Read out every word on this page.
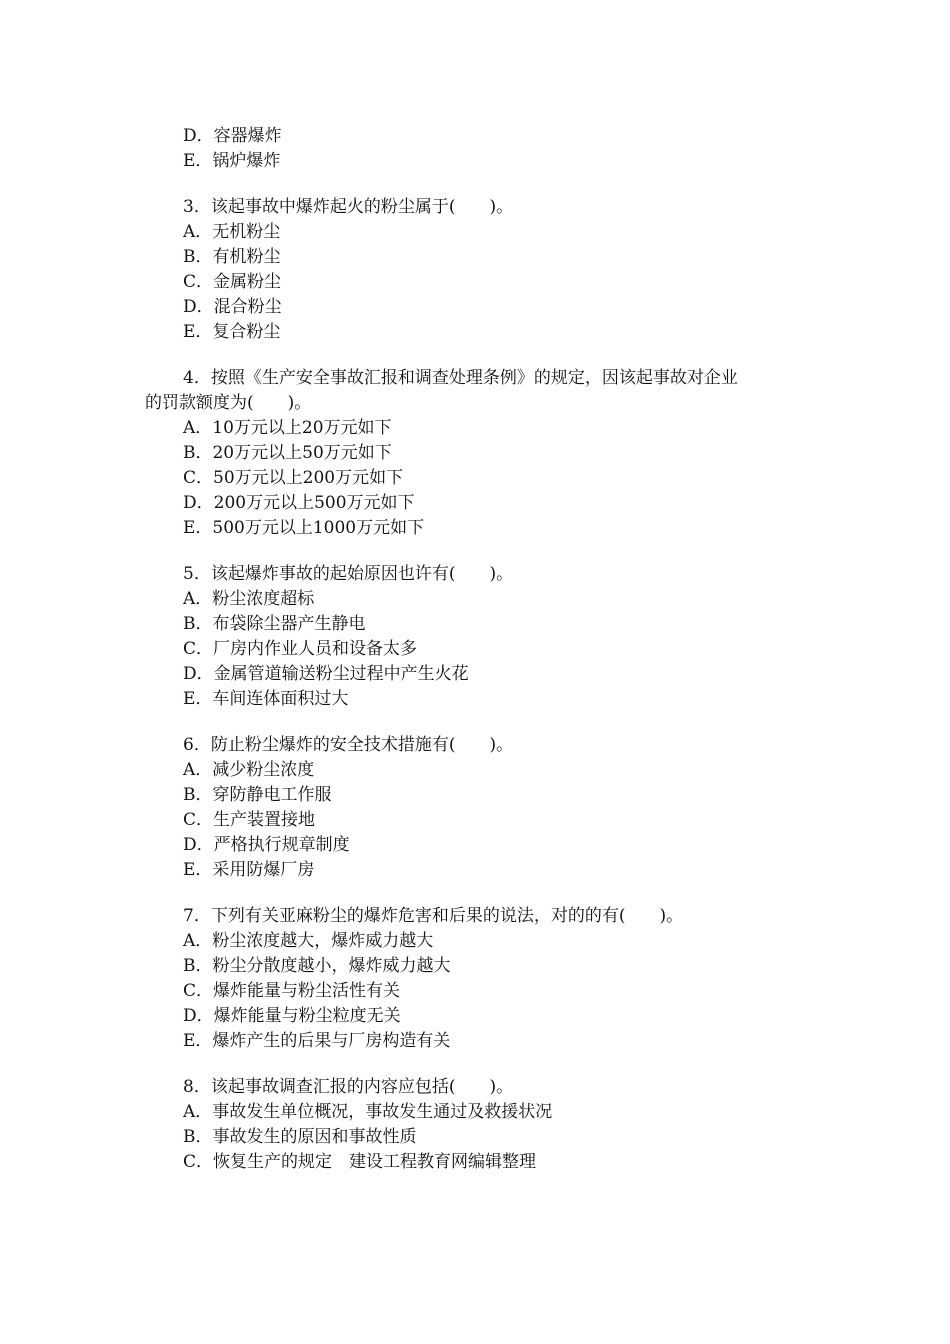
D．容器爆炸
E．锅炉爆炸
3．该起事故中爆炸起火的粉尘属于(　　)。
A．无机粉尘
B．有机粉尘
C．金属粉尘
D．混合粉尘
E．复合粉尘
4．按照《生产安全事故汇报和调查处理条例》的规定，因该起事故对企业
的罚款额度为(　　)。
A．10万元以上20万元如下
B．20万元以上50万元如下
C．50万元以上200万元如下
D．200万元以上500万元如下
E．500万元以上1000万元如下
5．该起爆炸事故的起始原因也许有(　　)。
A．粉尘浓度超标
B．布袋除尘器产生静电
C．厂房内作业人员和设备太多
D．金属管道输送粉尘过程中产生火花
E．车间连体面积过大
6．防止粉尘爆炸的安全技术措施有(　　)。
A．减少粉尘浓度
B．穿防静电工作服
C．生产装置接地
D．严格执行规章制度
E．采用防爆厂房
7．下列有关亚麻粉尘的爆炸危害和后果的说法，对的的有(　　)。
A．粉尘浓度越大，爆炸威力越大
B．粉尘分散度越小，爆炸威力越大
C．爆炸能量与粉尘活性有关
D．爆炸能量与粉尘粒度无关
E．爆炸产生的后果与厂房构造有关
8．该起事故调查汇报的内容应包括(　　)。
A．事故发生单位概况，事故发生通过及救援状况
B．事故发生的原因和事故性质
C．恢复生产的规定　建设工程教育网编辑整理
